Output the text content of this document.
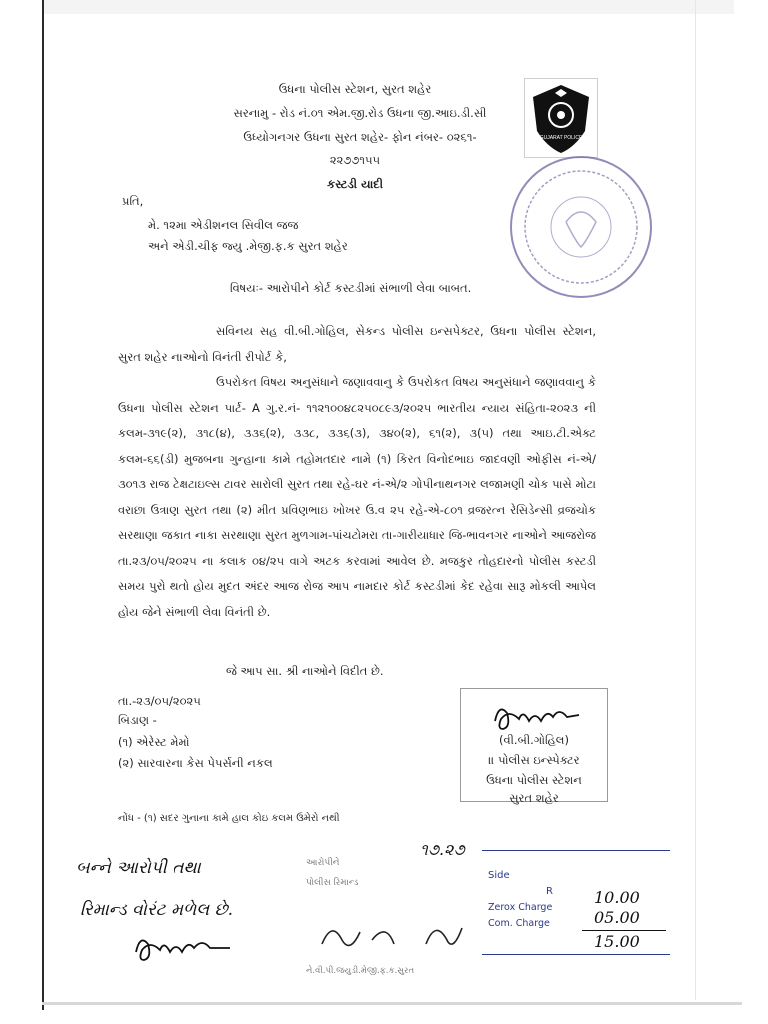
ઉધના પોલીસ સ્ટેશન, સુરત શહેર
સરનામુ - રોડ નં.૦૧ એમ.જી.રોડ ઉધના જી.આઇ.ડી.સી
ઉધ્યોગનગર ઉધના સુરત શહેર- ફોન નંબર- ૦૨૬૧-
૨૨૭૭૧૫૫
કસ્ટડી યાદી
GUJARAT POLICE
પ્રતિ,
મે. ૧૨મા એડીશનલ સિવીલ જજ
અને એડી.ચીફ જ્યુ .મેજી.ફ.ક સુરત શહેર
વિષયઃ- આરોપીને કોર્ટ કસ્ટડીમાં સંભાળી લેવા બાબત.
સવિનય સહ વી.બી.ગોહિલ, સેકન્ડ પોલીસ ઇન્સપેક્ટર, ઉધના પોલીસ સ્ટેશન, સુરત શહેર નાઓનો વિનંતી રીપોર્ટ કે,
ઉપરોકત વિષય અનુસંધાને જણાવવાનુ કે ઉપરોકત વિષય અનુસંધાને જણાવવાનુ કે ઉધના પોલીસ સ્ટેશન પાર્ટ- A ગુ.ર.નં- ૧૧૨૧૦૦૪૮૨૫૦૮૯૩/૨૦૨૫ ભારતીય ન્યાય સંહિતા-૨૦૨૩ ની કલમ-૩૧૯(૨), ૩૧૮(૪), ૩૩૬(૨), ૩૩૮, ૩૩૬(૩), ૩૪૦(૨), ૬૧(૨), ૩(૫) તથા આઇ.ટી.એક્ટ કલમ-૬૬(ડી) મુજબના ગુન્હાના કામે તહોમતદાર નામે (૧) કિરત વિનોદભાઇ જાદવણી ઓફીસ નં-એ/૩૦૧૩ રાજ ટેક્ષટાઇલ્સ ટાવર સારોલી સુરત તથા રહે-ઘર નં-એ/૨ ગોપીનાથનગર લજામણી ચોક પાસે મોટા વરાછા ઉત્રાણ સુરત તથા (૨) મીત પ્રવિણભાઇ ખોખર ઉ.વ ૨૫ રહે-એ-૮૦૧ વ્રજરત્ન રેસિડેન્સી વ્રજચોક સરથાણા જકાત નાકા સરથાણા સુરત મુળગામ-પાંચટોમરા તા-ગારીયાધાર જિ-ભાવનગર નાઓને આજરોજ તા.૨૩/૦૫/૨૦૨૫ ના કલાક ૦૪/૨૫ વાગે અટક કરવામાં આવેલ છે. મજકુર તોહદારનો પોલીસ કસ્ટડી સમય પુરો થતો હોય મુદત અંદર આજ રોજ આપ નામદાર કોર્ટ કસ્ટડીમાં કેદ રહેવા સારૂ મોકલી આપેલ હોય જેને સંભાળી લેવા વિનંતી છે.
જે આપ સા. શ્રી નાઓને વિદીત છે.
તા.-૨૩/૦૫/૨૦૨૫
બિડાણ -
(૧) એરેસ્ટ મેમો
(૨) સારવારના કેસ પેપર્સની નકલ
નોંધ - (૧) સદર ગુનાના કામે હાલ કોઇ કલમ ઉમેરો નથી
(વી.બી.ગોહિલ)
॥ પોલીસ ઇન્સ્પેક્ટર
ઉધના પોલીસ સ્ટેશન
સુરત શહેર
બન્ને આરોપી તથા
રિમાન્ડ વોરંટ મળેલ છે.
૧૭.૨૭
આરોપીને
પોલીસ રિમાન્ડ
ને.વી.પી.જયુડી.મેજી.ફ.ક.સુરત
Side
R
Zerox Charge
Com. Charge
10.00
05.00
15.00
